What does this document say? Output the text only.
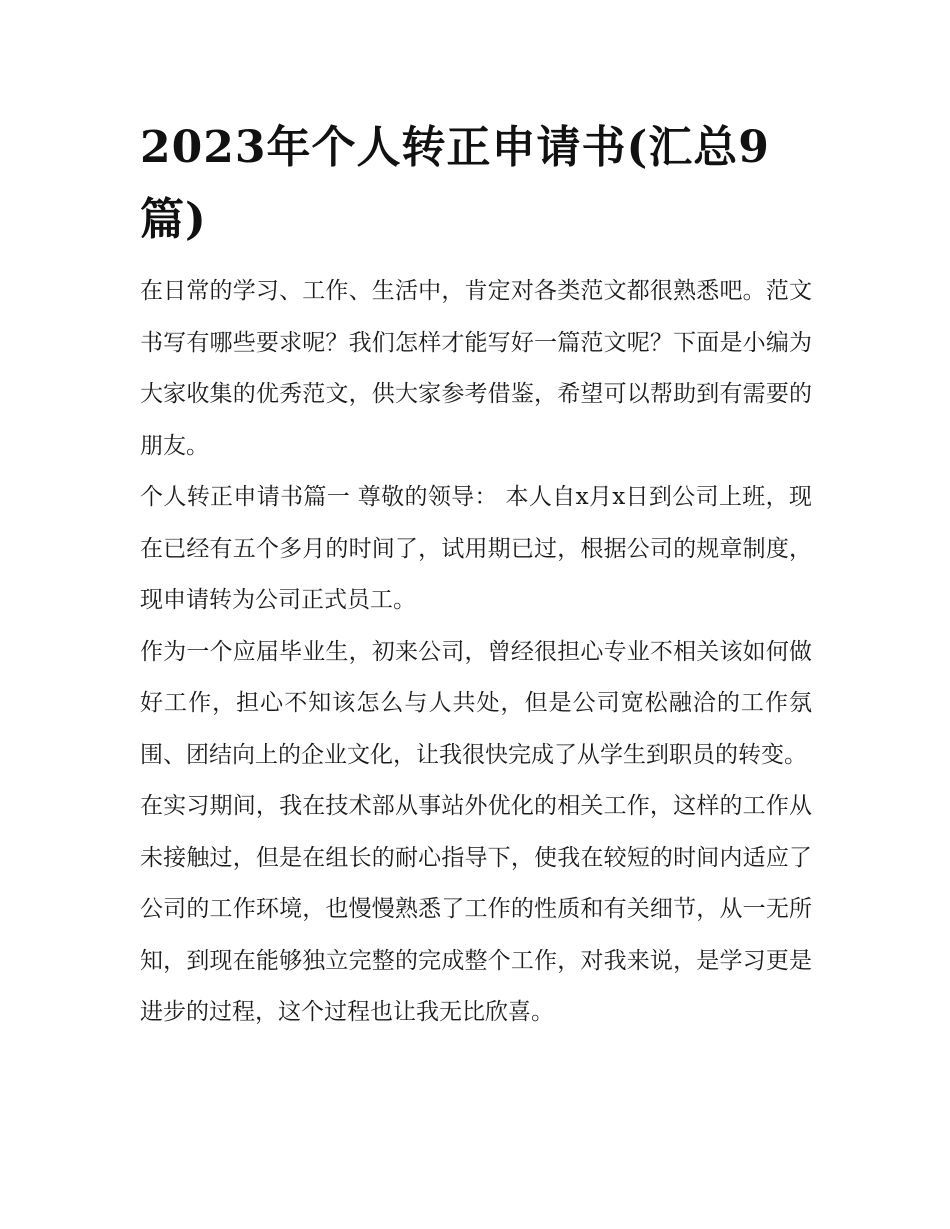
2023年个人转正申请书(汇总9篇)

在日常的学习、工作、生活中，肯定对各类范文都很熟悉吧。范文书写有哪些要求呢？我们怎样才能写好一篇范文呢？下面是小编为大家收集的优秀范文，供大家参考借鉴，希望可以帮助到有需要的朋友。

个人转正申请书篇一 尊敬的领导： 本人自x月x日到公司上班，现在已经有五个多月的时间了，试用期已过，根据公司的规章制度，现申请转为公司正式员工。

作为一个应届毕业生，初来公司，曾经很担心专业不相关该如何做好工作，担心不知该怎么与人共处，但是公司宽松融洽的工作氛围、团结向上的企业文化，让我很快完成了从学生到职员的转变。

在实习期间，我在技术部从事站外优化的相关工作，这样的工作从未接触过，但是在组长的耐心指导下，使我在较短的时间内适应了公司的工作环境，也慢慢熟悉了工作的性质和有关细节，从一无所知，到现在能够独立完整的完成整个工作，对我来说，是学习更是进步的过程，这个过程也让我无比欣喜。
